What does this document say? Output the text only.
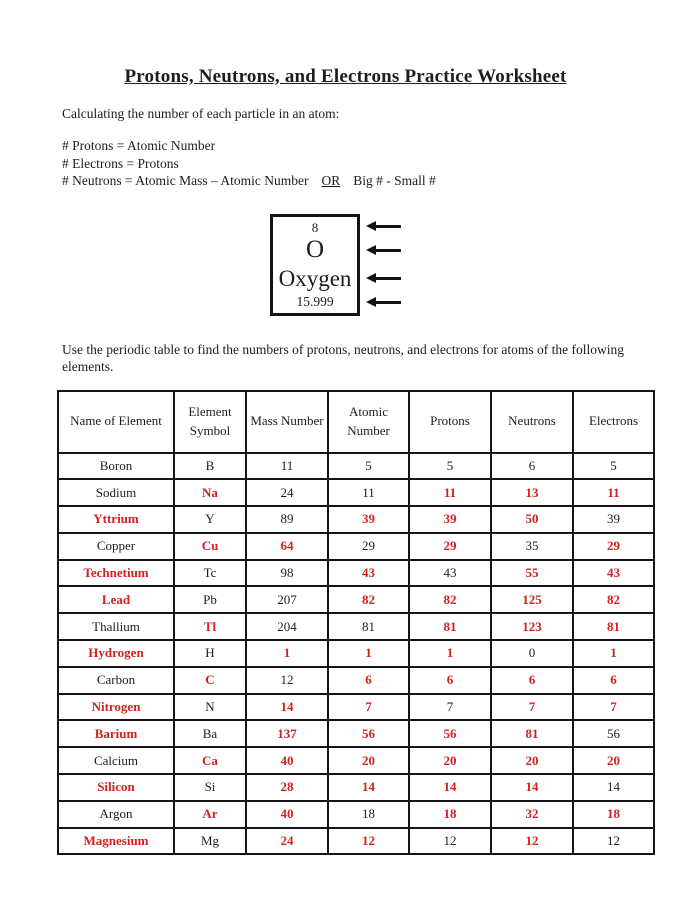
Protons, Neutrons, and Electrons Practice Worksheet

Calculating the number of each particle in an atom:

# Protons = Atomic Number

# Electrons = Protons

# Neutrons = Atomic Mass – Atomic Number OR Big # - Small #

8
O
Oxygen
15.999

Use the periodic table to find the numbers of protons, neutrons, and electrons for atoms of the following elements.

Name of Element	Element Symbol	Mass Number	Atomic Number	Protons	Neutrons	Electrons
Boron	B	11	5	5	6	5
Sodium	Na	24	11	11	13	11
Yttrium	Y	89	39	39	50	39
Copper	Cu	64	29	29	35	29
Technetium	Tc	98	43	43	55	43
Lead	Pb	207	82	82	125	82
Thallium	Tl	204	81	81	123	81
Hydrogen	H	1	1	1	0	1
Carbon	C	12	6	6	6	6
Nitrogen	N	14	7	7	7	7
Barium	Ba	137	56	56	81	56
Calcium	Ca	40	20	20	20	20
Silicon	Si	28	14	14	14	14
Argon	Ar	40	18	18	32	18
Magnesium	Mg	24	12	12	12	12
